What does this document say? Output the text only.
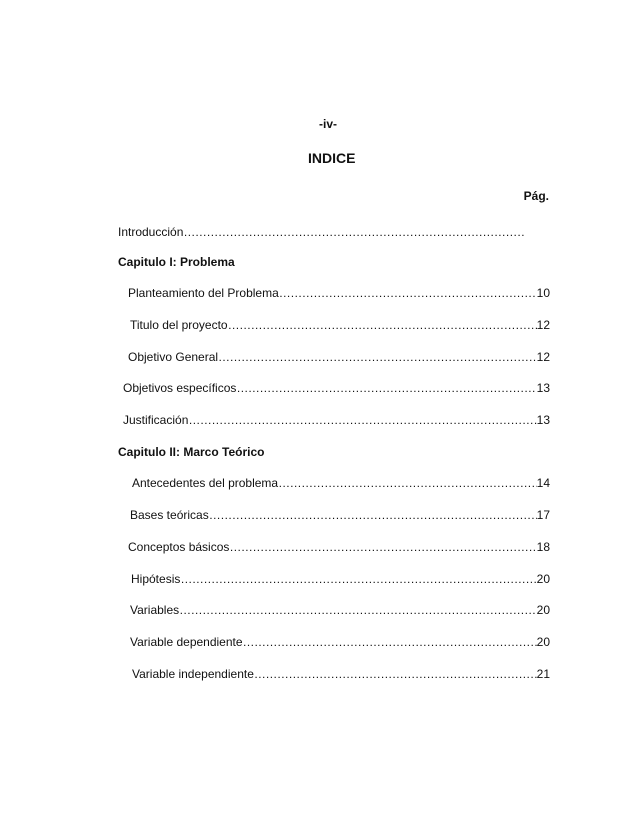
-iv-
INDICE
Pág.
Introducción
……………………………………………………………………………………………………………………………………………………………………
Capitulo I: Problema
Planteamiento del Problema ……………………………………………………………………………………………………………………………………………………………………	10
Titulo del proyecto ……………………………………………………………………………………………………………………………………………………………………	12
Objetivo General ……………………………………………………………………………………………………………………………………………………………………	12
Objetivos específicos ……………………………………………………………………………………………………………………………………………………………………	13
Justificación ……………………………………………………………………………………………………………………………………………………………………	13
Capitulo II: Marco Teórico
Antecedentes del problema ……………………………………………………………………………………………………………………………………………………………………	14
Bases teóricas ……………………………………………………………………………………………………………………………………………………………………	17
Conceptos básicos ……………………………………………………………………………………………………………………………………………………………………	18
Hipótesis ……………………………………………………………………………………………………………………………………………………………………	20
Variables ……………………………………………………………………………………………………………………………………………………………………	20
Variable dependiente ……………………………………………………………………………………………………………………………………………………………………	20
Variable independiente ……………………………………………………………………………………………………………………………………………………………………	21
